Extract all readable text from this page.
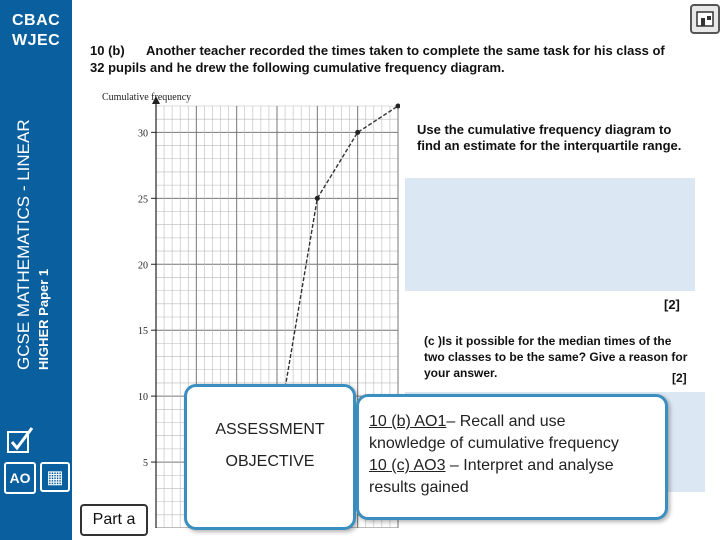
CBAC
WJEC
GCSE MATHEMATICS - LINEAR HIGHER Paper 1
AO ▦
10 (b) Another teacher recorded the times taken to complete the same task for his class of 32 pupils and he drew the following cumulative frequency diagram.
Cumulative frequency
5
10
15
20
25
30	Use the cumulative frequency diagram to find an estimate for the interquartile range.
[2]
(c )Is it possible for the median times of the two classes to be the same? Give a reason for your answer.	[2]
ASSESSMENT
OBJECTIVE
10 (b) AO1– Recall and use
knowledge of cumulative frequency
10 (c) AO3 – Interpret and analyse
results gained
Part a
